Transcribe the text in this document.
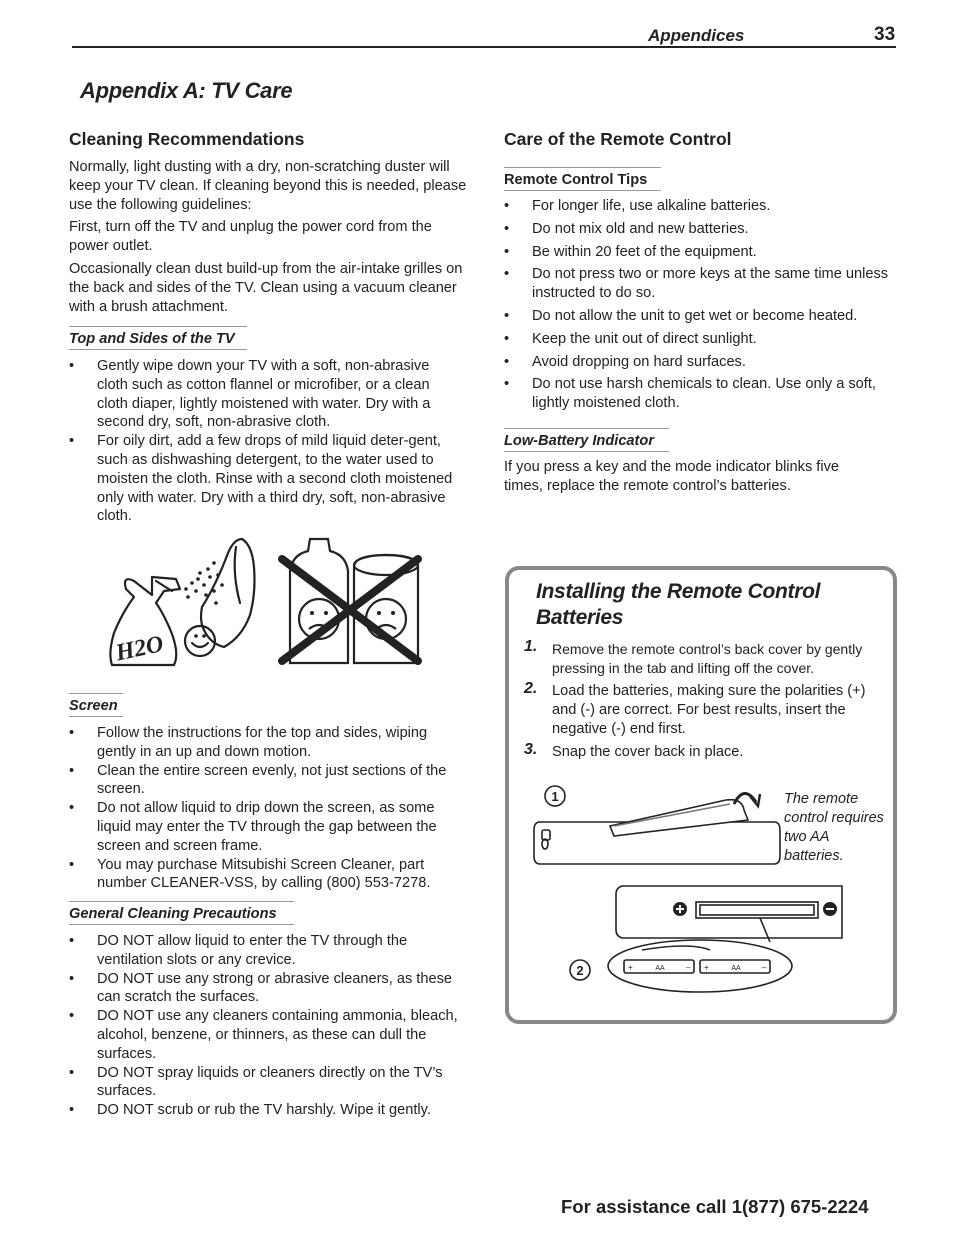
Appendices	33
Appendix A: TV Care
Cleaning Recommendations

Normally, light dusting with a dry, non-scratching duster will keep your TV clean. If cleaning beyond this is needed, please use the following guidelines:

First, turn off the TV and unplug the power cord from the power outlet.

Occasionally clean dust build-up from the air-intake grilles on the back and sides of the TV. Clean using a vacuum cleaner with a brush attachment.

Top and Sides of the TV
• Gently wipe down your TV with a soft, non-abrasive cloth such as cotton flannel or microfiber, or a clean cloth diaper, lightly moistened with water. Dry with a second dry, soft, non-abrasive cloth.
• For oily dirt, add a few drops of mild liquid deter-gent, such as dishwashing detergent, to the water used to moisten the cloth. Rinse with a second cloth moistened only with water. Dry with a third dry, soft, non-abrasive cloth.
H2O
Screen
• Follow the instructions for the top and sides, wiping gently in an up and down motion.
• Clean the entire screen evenly, not just sections of the screen.
• Do not allow liquid to drip down the screen, as some liquid may enter the TV through the gap between the screen and screen frame.
• You may purchase Mitsubishi Screen Cleaner, part number CLEANER-VSS, by calling (800) 553-7278.
General Cleaning Precautions
• DO NOT allow liquid to enter the TV through the ventilation slots or any crevice.
• DO NOT use any strong or abrasive cleaners, as these can scratch the surfaces.
• DO NOT use any cleaners containing ammonia, bleach, alcohol, benzene, or thinners, as these can dull the surfaces.
• DO NOT spray liquids or cleaners directly on the TV’s surfaces.
• DO NOT scrub or rub the TV harshly. Wipe it gently.
Care of the Remote Control
Remote Control Tips
• For longer life, use alkaline batteries.
• Do not mix old and new batteries.
• Be within 20 feet of the equipment.
• Do not press two or more keys at the same time unless instructed to do so.
• Do not allow the unit to get wet or become heated.
• Keep the unit out of direct sunlight.
• Avoid dropping on hard surfaces.
• Do not use harsh chemicals to clean. Use only a soft, lightly moistened cloth.
Low-Battery Indicator

If you press a key and the mode indicator blinks five times, replace the remote control’s batteries.

Installing the Remote Control Batteries
1. Remove the remote control’s back cover by gently pressing in the tab and lifting off the cover.
2. Load the batteries, making sure the polarities (+) and (-) are correct. For best results, insert the negative (-) end first.
3. Snap the cover back in place.
1
2	AA	AA
+	– +	–
The remote control requires two AA batteries.
For assistance call 1(877) 675-2224
